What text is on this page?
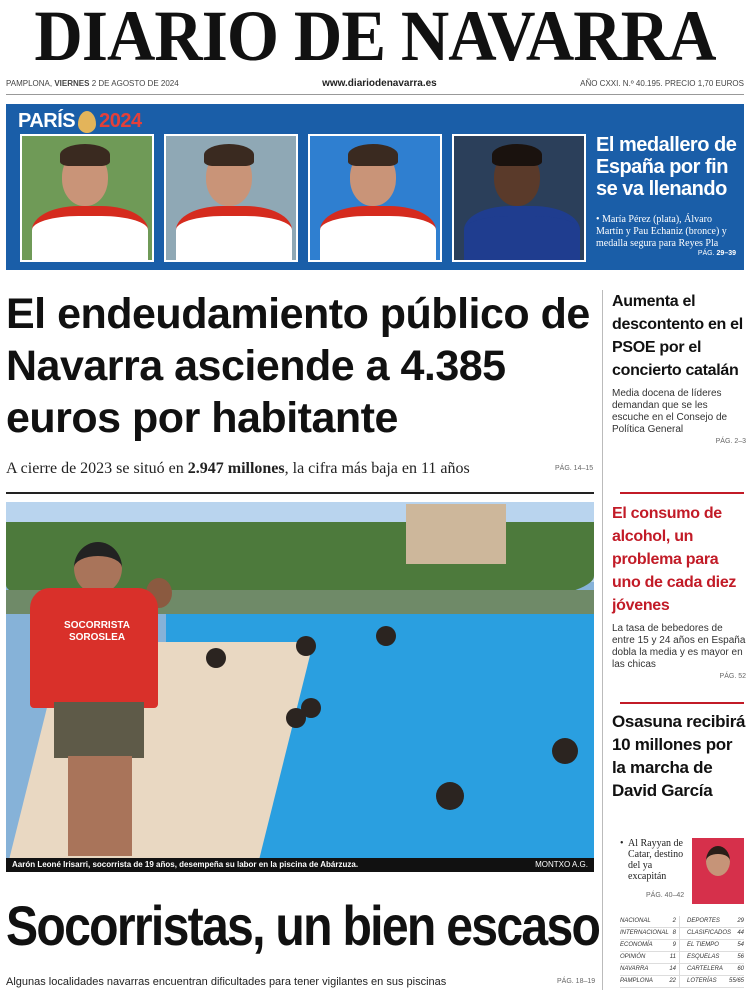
DIARIO DE NAVARRA
PAMPLONA, VIERNES 2 DE AGOSTO DE 2024	www.diariodenavarra.es	AÑO CXXI. N.º 40.195. PRECIO 1,70 EUROS
PARÍS 2024
El medallero de España por fin se va llenando
• María Pérez (plata), Álvaro Martín y Pau Echaniz (bronce) y medalla segura para Reyes Pla
PÁG. 29–39
El endeudamiento público de Navarra asciende a 4.385 euros por habitante
A cierre de 2023 se situó en 2.947 millones, la cifra más baja en 11 años	PÁG. 14–15
SOCORRISTA SOROSLEA
Aarón Leoné Irisarri, socorrista de 19 años, desempeña su labor en la piscina de Abárzuza.	MONTXO A.G.
Socorristas, un bien escaso
Algunas localidades navarras encuentran dificultades para tener vigilantes en sus piscinas	PÁG. 18–19
Aumenta el descontento en el PSOE por el concierto catalán
Media docena de líderes demandan que se les escuche en el Consejo de Política General
PÁG. 2–3
El consumo de alcohol, un problema para uno de cada diez jóvenes
La tasa de bebedores de entre 15 y 24 años en España dobla la media y es mayor en las chicas
PÁG. 52
Osasuna recibirá 10 millones por la marcha de David García
• Al Rayyan de Catar, destino del ya excapitán
PÁG. 40–42
NACIONAL	2 DEPORTES	29
INTERNACIONAL 8 CLASIFICADOS 44
ECONOMÍA	9 EL TIEMPO	54
OPINIÓN	11 ESQUELAS	56
NAVARRA	14 CARTELERA 60
PAMPLONA	22 LOTERÍAS 55/65
